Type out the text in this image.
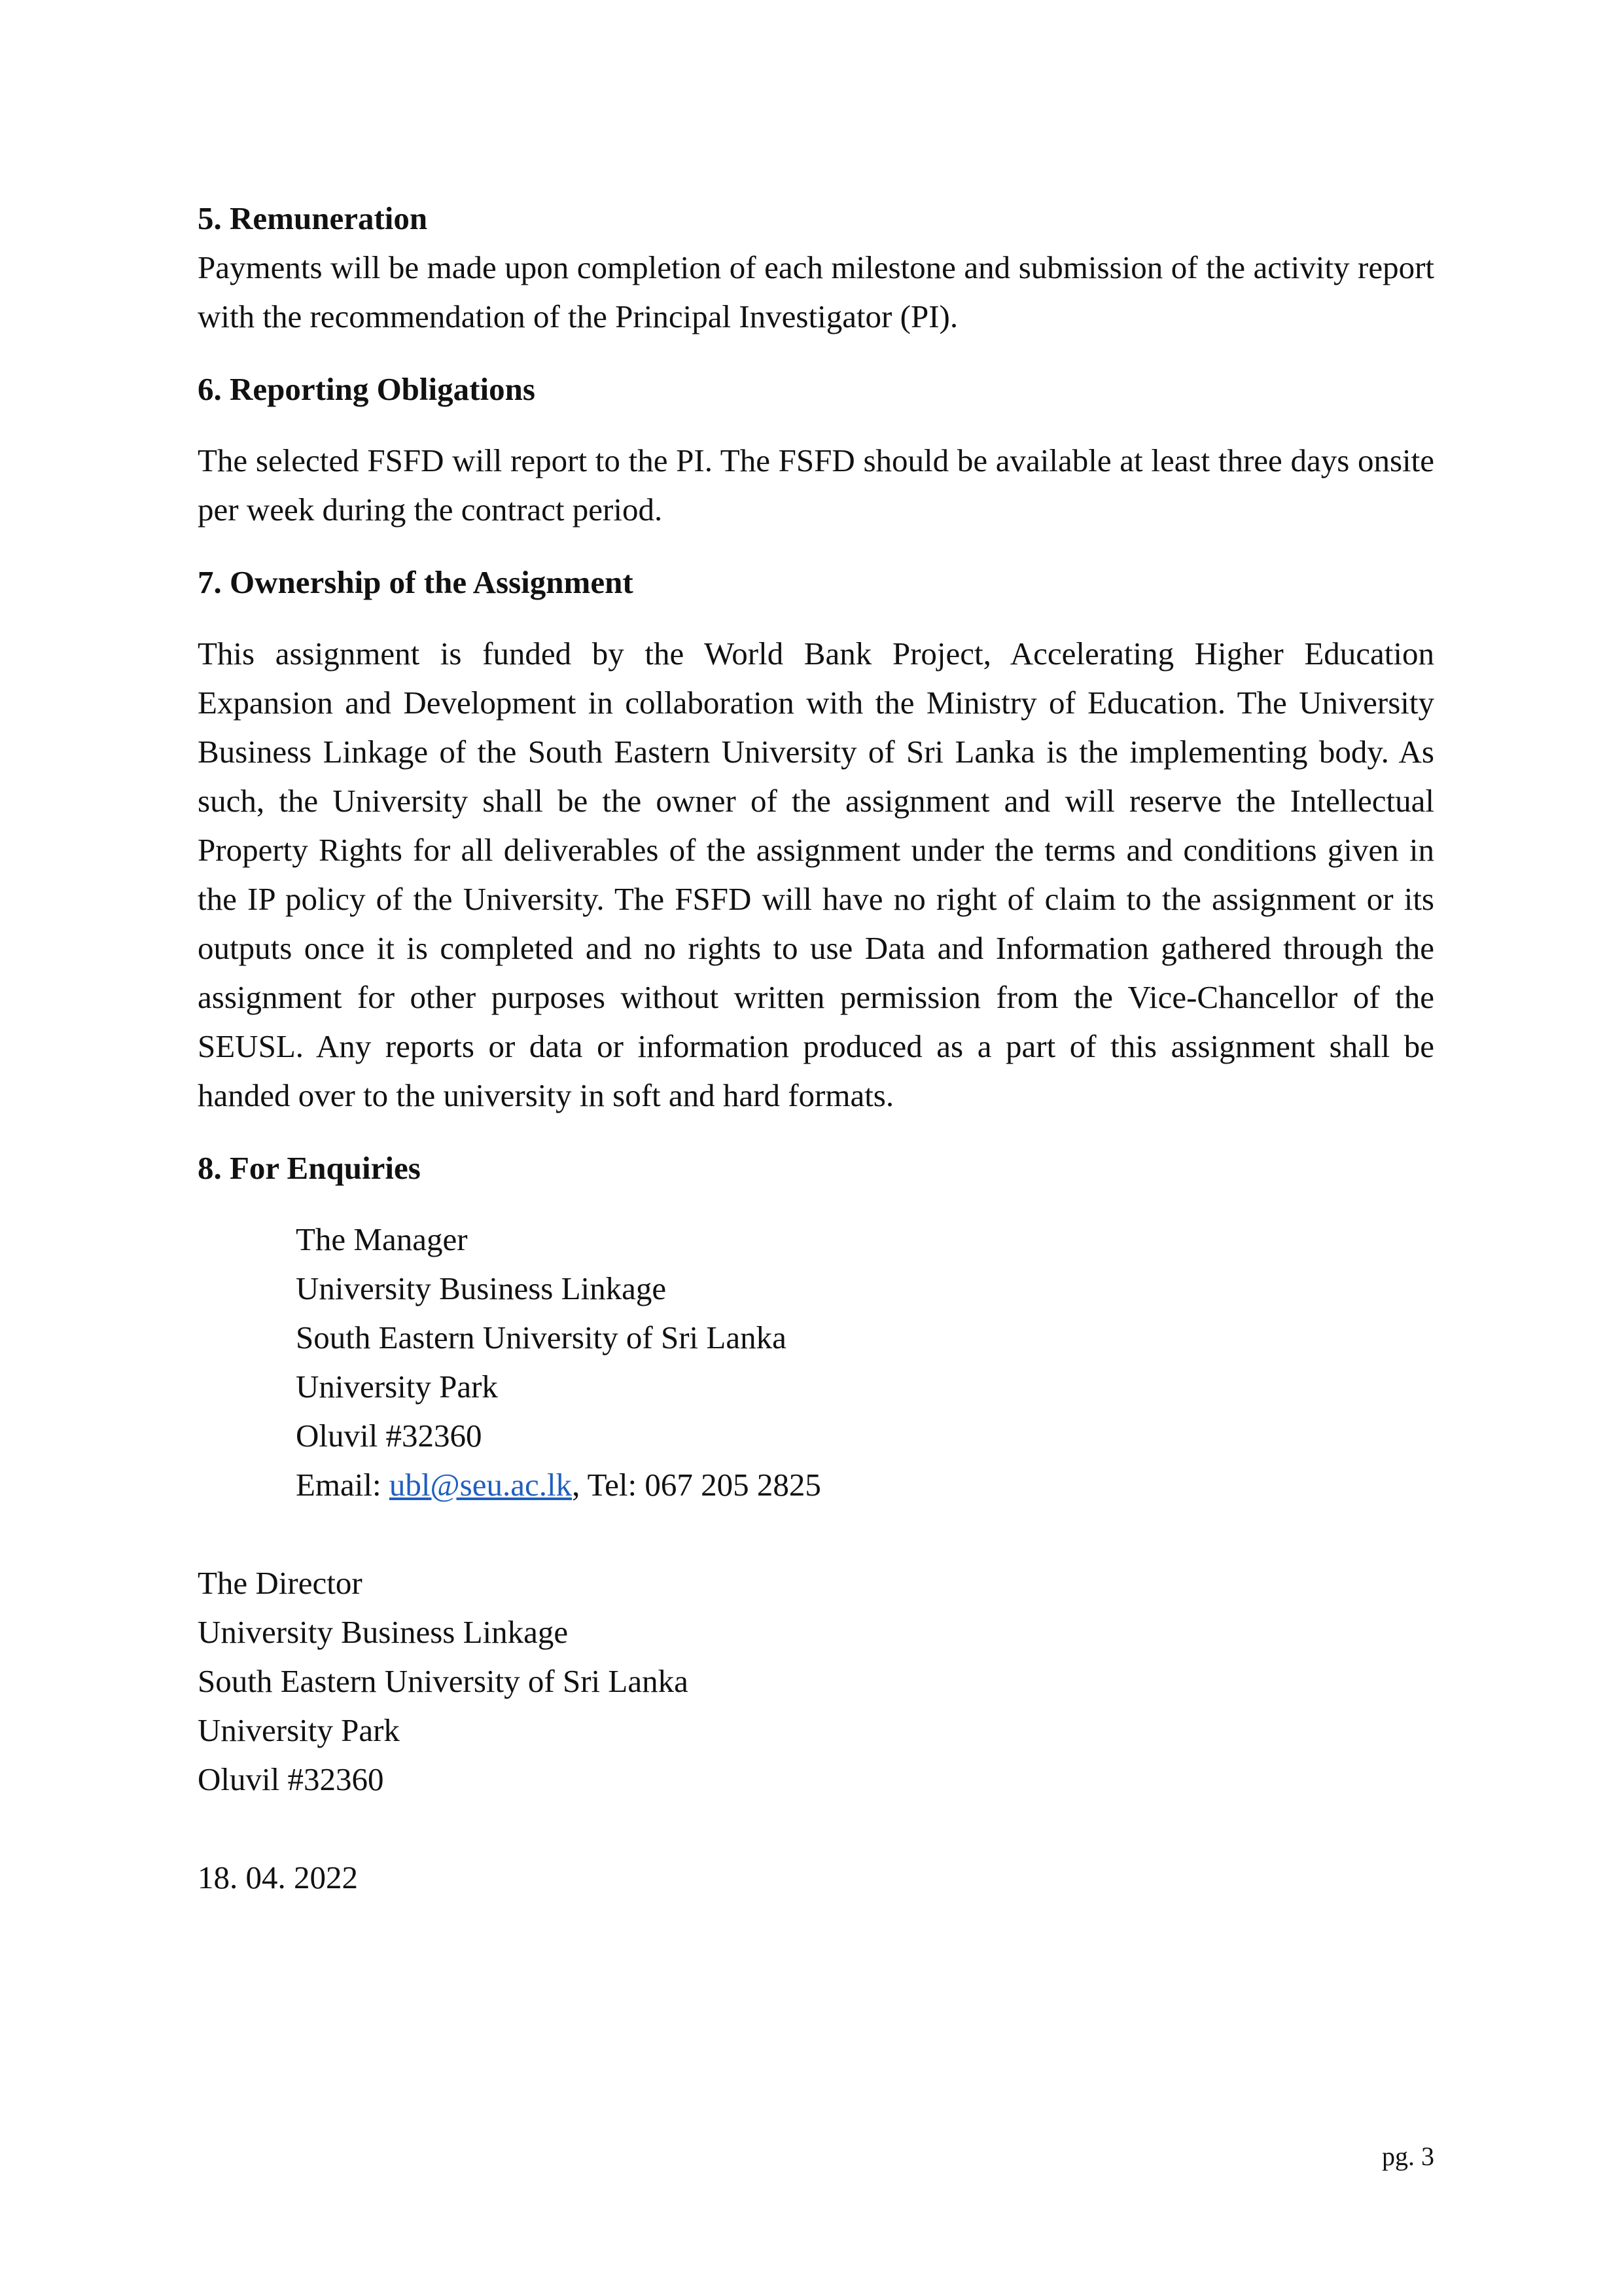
5. Remuneration

Payments will be made upon completion of each milestone and submission of the activity report with the recommendation of the Principal Investigator (PI).

6. Reporting Obligations

The selected FSFD will report to the PI. The FSFD should be available at least three days onsite per week during the contract period.

7. Ownership of the Assignment

This assignment is funded by the World Bank Project, Accelerating Higher Education Expansion and Development in collaboration with the Ministry of Education. The University Business Linkage of the South Eastern University of Sri Lanka is the implementing body. As such, the University shall be the owner of the assignment and will reserve the Intellectual Property Rights for all deliverables of the assignment under the terms and conditions given in the IP policy of the University. The FSFD will have no right of claim to the assignment or its outputs once it is completed and no rights to use Data and Information gathered through the assignment for other purposes without written permission from the Vice-Chancellor of the SEUSL. Any reports or data or information produced as a part of this assignment shall be handed over to the university in soft and hard formats.

8. For Enquiries
The Manager
University Business Linkage
South Eastern University of Sri Lanka
University Park
Oluvil #32360
Email: ubl@seu.ac.lk, Tel: 067 205 2825
The Director
University Business Linkage
South Eastern University of Sri Lanka
University Park
Oluvil #32360
18. 04. 2022
pg. 3
